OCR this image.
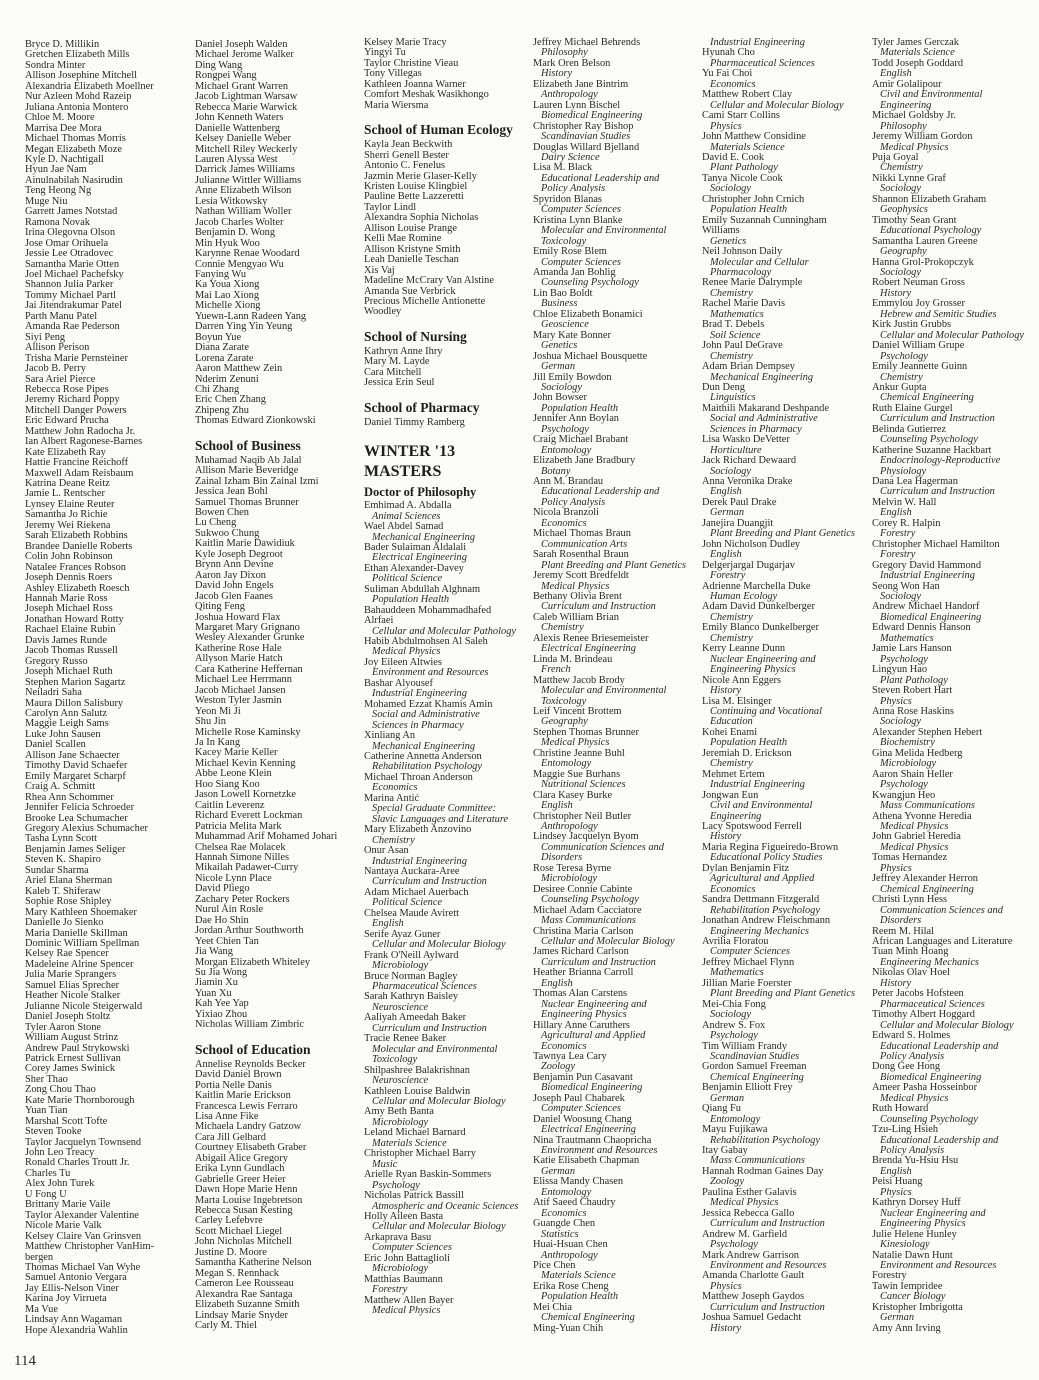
Bryce D. Millikin
Gretchen Elizabeth Mills
Sondra Minter
Allison Josephine Mitchell
Alexandria Elizabeth Moellner
Nur Azleen Mohd Razeip
Juliana Antonia Montero
Chloe M. Moore
Marrisa Dee Mora
Michael Thomas Morris
Megan Elizabeth Moze
Kyle D. Nachtigall
Hyun Jae Nam
Ainulnabilah Nasirudin
Teng Heong Ng
Muge Niu
Garrett James Notstad
Ramona Novak
Irina Olegovna Olson
Jose Omar Orihuela
Jessie Lee Otradovec
Samantha Marie Otten
Joel Michael Pachefsky
Shannon Julia Parker
Tommy Michael Partl
Jai Jitendrakumar Patel
Parth Manu Patel
Amanda Rae Pederson
Siyi Peng
Allison Perison
Trisha Marie Pernsteiner
Jacob B. Perry
Sara Ariel Pierce
Rebecca Rose Pipes
Jeremy Richard Poppy
Mitchell Danger Powers
Eric Edward Prucha
Matthew John Radocha Jr.
Ian Albert Ragonese-Barnes
Kate Elizabeth Ray
Hattie Francine Reichoff
Maxwell Adam Reisbaum
Katrina Deane Reitz
Jamie L. Rentscher
Lynsey Elaine Reuter
Samantha Jo Richie
Jeremy Wei Riekena
Sarah Elizabeth Robbins
Brandee Danielle Roberts
Colin John Robinson
Natalee Frances Robson
Joseph Dennis Roers
Ashley Elizabeth Roesch
Hannah Marie Ross
Joseph Michael Ross
Jonathan Howard Rotty
Rachael Elaine Rubin
Davis James Runde
Jacob Thomas Russell
Gregory Russo
Joseph Michael Ruth
Stephen Marion Sagartz
Neiladri Saha
Maura Dillon Salisbury
Carolyn Ann Salutz
Maggie Leigh Sams
Luke John Sausen
Daniel Scallen
Allison Jane Schaecter
Timothy David Schaefer
Emily Margaret Scharpf
Craig A. Schmitt
Rhea Ann Schommer
Jennifer Felicia Schroeder
Brooke Lea Schumacher
Gregory Alexius Schumacher
Tasha Lynn Scott
Benjamin James Seliger
Steven K. Shapiro
Sundar Sharma
Ariel Elana Sherman
Kaleb T. Shiferaw
Sophie Rose Shipley
Mary Kathleen Shoemaker
Danielle Jo Sienko
Maria Danielle Skillman
Dominic William Spellman
Kelsey Rae Spencer
Madeleine Alrine Spencer
Julia Marie Sprangers
Samuel Elias Sprecher
Heather Nicole Stalker
Julianne Nicole Steigerwald
Daniel Joseph Stoltz
Tyler Aaron Stone
William August Strinz
Andrew Paul Strykowski
Patrick Ernest Sullivan
Corey James Swinick
Sher Thao
Zong Chou Thao
Kate Marie Thornborough
Yuan Tian
Marshal Scott Tofte
Steven Tooke
Taylor Jacquelyn Townsend
John Leo Treacy
Ronald Charles Troutt Jr.
Charles Tu
Alex John Turek
U Fong U
Brittany Marie Vaile
Taylor Alexander Valentine
Nicole Marie Valk
Kelsey Claire Van Grinsven
Matthew Christopher VanHim-
bergen
Thomas Michael Van Wyhe
Samuel Antonio Vergara
Jay Ellis-Nelson Viner
Karina Joy Virrueta
Ma Vue
Lindsay Ann Wagaman
Hope Alexandria Wahlin
Daniel Joseph Walden
Michael Jerome Walker
Ding Wang
Rongpei Wang
Michael Grant Warren
Jacob Lightman Warsaw
Rebecca Marie Warwick
John Kenneth Waters
Danielle Wattenberg
Kelsey Danielle Weber
Mitchell Riley Weckerly
Lauren Alyssa West
Darrick James Williams
Julianne Wittler Williams
Anne Elizabeth Wilson
Lesia Witkowsky
Nathan William Woller
Jacob Charles Wolter
Benjamin D. Wong
Min Hyuk Woo
Karynne Renae Woodard
Connie Mengyao Wu
Fanying Wu
Ka Youa Xiong
Mai Lao Xiong
Michelle Xiong
Yuewn-Lann Radeen Yang
Darren Ying Yin Yeung
Boyun Yue
Diana Zarate
Lorena Zarate
Aaron Matthew Zein
Nderim Zenuni
Chi Zhang
Eric Chen Zhang
Zhipeng Zhu
Thomas Edward Zionkowski
School of Business
Muhamad Naqib Ab Jalal
Allison Marie Beveridge
Zainal Izham Bin Zainal Izmi
Jessica Jean Bohl
Samuel Thomas Brunner
Bowen Chen
Lu Cheng
Sukwoo Chung
Kaitlin Marie Dawidiuk
Kyle Joseph Degroot
Brynn Ann Devine
Aaron Jay Dixon
David John Engels
Jacob Glen Faanes
Qiting Feng
Joshua Howard Flax
Margaret Mary Grignano
Wesley Alexander Grunke
Katherine Rose Hale
Allyson Marie Hatch
Cara Katherine Heffernan
Michael Lee Herrmann
Jacob Michael Jansen
Weston Tyler Jasmin
Yeon Mi Ji
Shu Jin
Michelle Rose Kaminsky
Ja In Kang
Kacey Marie Keller
Michael Kevin Kenning
Abbe Leone Klein
Hoo Siang Koo
Jason Lowell Kornetzke
Caitlin Leverenz
Richard Everett Lockman
Patricia Melita Mark
Muhammad Arif Mohamed Johari
Chelsea Rae Molacek
Hannah Simone Nilles
Mikailah Padawer-Curry
Nicole Lynn Place
David Pliego
Zachary Peter Rockers
Nurul Ain Rosle
Dae Ho Shin
Jordan Arthur Southworth
Yeet Chien Tan
Jia Wang
Morgan Elizabeth Whiteley
Su Jia Wong
Jiamin Xu
Yuan Xu
Kah Yee Yap
Yixiao Zhou
Nicholas William Zimbric
School of Education
Annelise Reynolds Becker
David Daniel Brown
Portia Nelle Danis
Kaitlin Marie Erickson
Francesca Lewis Ferraro
Lisa Anne Fike
Michaela Landry Gatzow
Cara Jill Gelbard
Courtney Elisabeth Graber
Abigail Alice Gregory
Erika Lynn Gundlach
Gabrielle Greer Heier
Dawn Hope Marie Henn
Marta Louise Ingebretson
Rebecca Susan Kesting
Carley Lefebvre
Scott Michael Liegel
John Nicholas Mitchell
Justine D. Moore
Samantha Katherine Nelson
Megan S. Rennhack
Cameron Lee Rousseau
Alexandra Rae Santaga
Elizabeth Suzanne Smith
Lindsay Marie Snyder
Carly M. Thiel
Kelsey Marie Tracy
Yingyi Tu
Taylor Christine Vieau
Tony Villegas
Kathleen Joanna Warner
Comfort Meshak Wasikhongo
Maria Wiersma
School of Human Ecology
Kayla Jean Beckwith
Sherri Genell Bester
Antonio C. Fenelus
Jazmin Merie Glaser-Kelly
Kristen Louise Klingbiel
Pauline Bette Lazzeretti
Taylor Lindl
Alexandra Sophia Nicholas
Allison Louise Prange
Kelli Mae Romine
Allison Kristyne Smith
Leah Danielle Teschan
Xis Vaj
Madeline McCrary Van Alstine
Amanda Sue Verbrick
Precious Michelle Antionette
Woodley
School of Nursing
Kathryn Anne Ihry
Mary M. Layde
Cara Mitchell
Jessica Erin Seul
School of Pharmacy
Daniel Timmy Ramberg
WINTER '13
MASTERS
Doctor of Philosophy
Emhimad A. Abdalla
Animal Sciences
Wael Abdel Samad
Mechanical Engineering
Bader Sulaiman Aldalali
Electrical Engineering
Ethan Alexander-Davey
Political Science
Suliman Abdullah Alghnam
Population Health
Bahauddeen Mohammadhafed
Alrfaei
Cellular and Molecular Pathology
Habib Abdulmohsen Al Saleh
Medical Physics
Joy Eileen Altwies
Environment and Resources
Bashar Alyousef
Industrial Engineering
Mohamed Ezzat Khamis Amin
Social and Administrative
Sciences in Pharmacy
Xinliang An
Mechanical Engineering
Catherine Annetta Anderson
Rehabilitation Psychology
Michael Throan Anderson
Economics
Marina Antić
Special Graduate Committee:
Slavic Languages and Literature
Mary Elizabeth Anzovino
Chemistry
Onur Asan
Industrial Engineering
Nantaya Auckara-Aree
Curriculum and Instruction
Adam Michael Auerbach
Political Science
Chelsea Maude Avirett
English
Serife Ayaz Guner
Cellular and Molecular Biology
Frank O'Neill Aylward
Microbiology
Bruce Norman Bagley
Pharmaceutical Sciences
Sarah Kathryn Baisley
Neuroscience
Aaliyah Ameedah Baker
Curriculum and Instruction
Tracie Renee Baker
Molecular and Environmental
Toxicology
Shilpashree Balakrishnan
Neuroscience
Kathleen Louise Baldwin
Cellular and Molecular Biology
Amy Beth Banta
Microbiology
Leland Michael Barnard
Materials Science
Christopher Michael Barry
Music
Arielle Ryan Baskin-Sommers
Psychology
Nicholas Patrick Bassill
Atmospheric and Oceanic Sciences
Holly Aileen Basta
Cellular and Molecular Biology
Arkaprava Basu
Computer Sciences
Eric John Battaglioli
Microbiology
Matthias Baumann
Forestry
Matthew Allen Bayer
Medical Physics
Jeffrey Michael Behrends
Philosophy
Mark Oren Belson
History
Elizabeth Jane Bintrim
Anthropology
Lauren Lynn Bischel
Biomedical Engineering
Christopher Ray Bishop
Scandinavian Studies
Douglas Willard Bjelland
Dairy Science
Lisa M. Black
Educational Leadership and
Policy Analysis
Spyridon Blanas
Computer Sciences
Kristina Lynn Blanke
Molecular and Environmental
Toxicology
Emily Rose Blem
Computer Sciences
Amanda Jan Bohlig
Counseling Psychology
Lin Bao Boldt
Business
Chloe Elizabeth Bonamici
Geoscience
Mary Kate Bonner
Genetics
Joshua Michael Bousquette
German
Jill Emily Bowdon
Sociology
John Bowser
Population Health
Jennifer Ann Boylan
Psychology
Craig Michael Brabant
Entomology
Elizabeth Jane Bradbury
Botany
Ann M. Brandau
Educational Leadership and
Policy Analysis
Nicola Branzoli
Economics
Michael Thomas Braun
Communication Arts
Sarah Rosenthal Braun
Plant Breeding and Plant Genetics
Jeremy Scott Bredfeldt
Medical Physics
Bethany Olivia Brent
Curriculum and Instruction
Caleb William Brian
Chemistry
Alexis Renee Briesemeister
Electrical Engineering
Linda M. Brindeau
French
Matthew Jacob Brody
Molecular and Environmental
Toxicology
Leif Vincent Brottem
Geography
Stephen Thomas Brunner
Medical Physics
Christine Jeanne Buhl
Entomology
Maggie Sue Burhans
Nutritional Sciences
Clara Kasey Burke
English
Christopher Neil Butler
Anthropology
Lindsey Jacquelyn Byom
Communication Sciences and
Disorders
Rose Teresa Byrne
Microbiology
Desiree Connie Cabinte
Counseling Psychology
Michael Adam Cacciatore
Mass Communications
Christina Maria Carlson
Cellular and Molecular Biology
James Richard Carlson
Curriculum and Instruction
Heather Brianna Carroll
English
Thomas Alan Carstens
Nuclear Engineering and
Engineering Physics
Hillary Anne Caruthers
Agricultural and Applied
Economics
Tawnya Lea Cary
Zoology
Benjamin Pun Casavant
Biomedical Engineering
Joseph Paul Chabarek
Computer Sciences
Daniel Woosung Chang
Electrical Engineering
Nina Trautmann Chaopricha
Environment and Resources
Katie Elisabeth Chapman
German
Elissa Mandy Chasen
Entomology
Atif Saeed Chaudry
Economics
Guangde Chen
Statistics
Huai-Hsuan Chen
Anthropology
Pice Chen
Materials Science
Erika Rose Cheng
Population Health
Mei Chia
Chemical Engineering
Ming-Yuan Chih
Industrial Engineering
Hyunah Cho
Pharmaceutical Sciences
Yu Fai Choi
Economics
Matthew Robert Clay
Cellular and Molecular Biology
Cami Starr Collins
Physics
John Matthew Considine
Materials Science
David E. Cook
Plant Pathology
Tanya Nicole Cook
Sociology
Christopher John Crnich
Population Health
Emily Suzannah Cunningham
Williams
Genetics
Neil Johnson Daily
Molecular and Cellular
Pharmacology
Renee Marie Dalrymple
Chemistry
Rachel Marie Davis
Mathematics
Brad T. Debels
Soil Science
John Paul DeGrave
Chemistry
Adam Brian Dempsey
Mechanical Engineering
Dun Deng
Linguistics
Maithili Makarand Deshpande
Social and Administrative
Sciences in Pharmacy
Lisa Wasko DeVetter
Horticulture
Jack Richard Dewaard
Sociology
Anna Veronika Drake
English
Derek Paul Drake
German
Janejira Duangjit
Plant Breeding and Plant Genetics
John Nicholson Dudley
English
Delgerjargal Dugarjav
Forestry
Adrienne Marchella Duke
Human Ecology
Adam David Dunkelberger
Chemistry
Emily Blanco Dunkelberger
Chemistry
Kerry Leanne Dunn
Nuclear Engineering and
Engineering Physics
Nicole Ann Eggers
History
Lisa M. Elsinger
Continuing and Vocational
Education
Kohei Enami
Population Health
Jeremiah D. Erickson
Chemistry
Mehmet Ertem
Industrial Engineering
Jongwan Eun
Civil and Environmental
Engineering
Lacy Spotswood Ferrell
History
Maria Regina Figueiredo-Brown
Educational Policy Studies
Dylan Benjamin Fitz
Agricultural and Applied
Economics
Sandra Dettmann Fitzgerald
Rehabilitation Psychology
Jonathan Andrew Fleischmann
Engineering Mechanics
Avrilia Floratou
Computer Sciences
Jeffrey Michael Flynn
Mathematics
Jillian Marie Foerster
Plant Breeding and Plant Genetics
Mei-Chia Fong
Sociology
Andrew S. Fox
Psychology
Tim William Frandy
Scandinavian Studies
Gordon Samuel Freeman
Chemical Engineering
Benjamin Elliott Frey
German
Qiang Fu
Entomology
Mayu Fujikawa
Rehabilitation Psychology
Itay Gabay
Mass Communications
Hannah Rodman Gaines Day
Zoology
Paulina Esther Galavis
Medical Physics
Jessica Rebecca Gallo
Curriculum and Instruction
Andrew M. Garfield
Psychology
Mark Andrew Garrison
Environment and Resources
Amanda Charlotte Gault
Physics
Matthew Joseph Gaydos
Curriculum and Instruction
Joshua Samuel Gedacht
History
Tyler James Gerczak
Materials Science
Todd Joseph Goddard
English
Amir Golalipour
Civil and Environmental
Engineering
Michael Goldsby Jr.
Philosophy
Jeremy William Gordon
Medical Physics
Puja Goyal
Chemistry
Nikki Lynne Graf
Sociology
Shannon Elizabeth Graham
Geophysics
Timothy Sean Grant
Educational Psychology
Samantha Lauren Greene
Geography
Hanna Grol-Prokopczyk
Sociology
Robert Neuman Gross
History
Emmylou Joy Grosser
Hebrew and Semitic Studies
Kirk Justin Grubbs
Cellular and Molecular Pathology
Daniel William Grupe
Psychology
Emily Jeannette Guinn
Chemistry
Ankur Gupta
Chemical Engineering
Ruth Elaine Gurgel
Curriculum and Instruction
Belinda Gutierrez
Counseling Psychology
Katherine Suzanne Hackbart
Endocrinology-Reproductive
Physiology
Dana Lea Hagerman
Curriculum and Instruction
Melvin W. Hall
English
Corey R. Halpin
Forestry
Christopher Michael Hamilton
Forestry
Gregory David Hammond
Industrial Engineering
Seong Won Han
Sociology
Andrew Michael Handorf
Biomedical Engineering
Edward Dennis Hanson
Mathematics
Jamie Lars Hanson
Psychology
Lingyun Hao
Plant Pathology
Steven Robert Hart
Physics
Anna Rose Haskins
Sociology
Alexander Stephen Hebert
Biochemistry
Gina Melida Hedberg
Microbiology
Aaron Shain Heller
Psychology
Kwangjun Heo
Mass Communications
Athena Yvonne Heredia
Medical Physics
John Gabriel Heredia
Medical Physics
Tomas Hernandez
Physics
Jeffrey Alexander Herron
Chemical Engineering
Christi Lynn Hess
Communication Sciences and
Disorders
Reem M. Hilal
African Languages and Literature
Tuan Minh Hoang
Engineering Mechanics
Nikolas Olav Hoel
History
Peter Jacobs Hofsteen
Pharmaceutical Sciences
Timothy Albert Hoggard
Cellular and Molecular Biology
Edward S. Holmes
Educational Leadership and
Policy Analysis
Dong Gee Hong
Biomedical Engineering
Ameer Pasha Hosseinbor
Medical Physics
Ruth Howard
Counseling Psychology
Tzu-Ling Hsieh
Educational Leadership and
Policy Analysis
Brenda Yu-Hsiu Hsu
English
Peisi Huang
Physics
Kathryn Dorsey Huff
Nuclear Engineering and
Engineering Physics
Julie Helene Hunley
Kinesiology
Natalie Dawn Hunt
Environment and Resources
Forestry
Tawin Iempridee
Cancer Biology
Kristopher Imbrigotta
German
Amy Ann Irving
114
